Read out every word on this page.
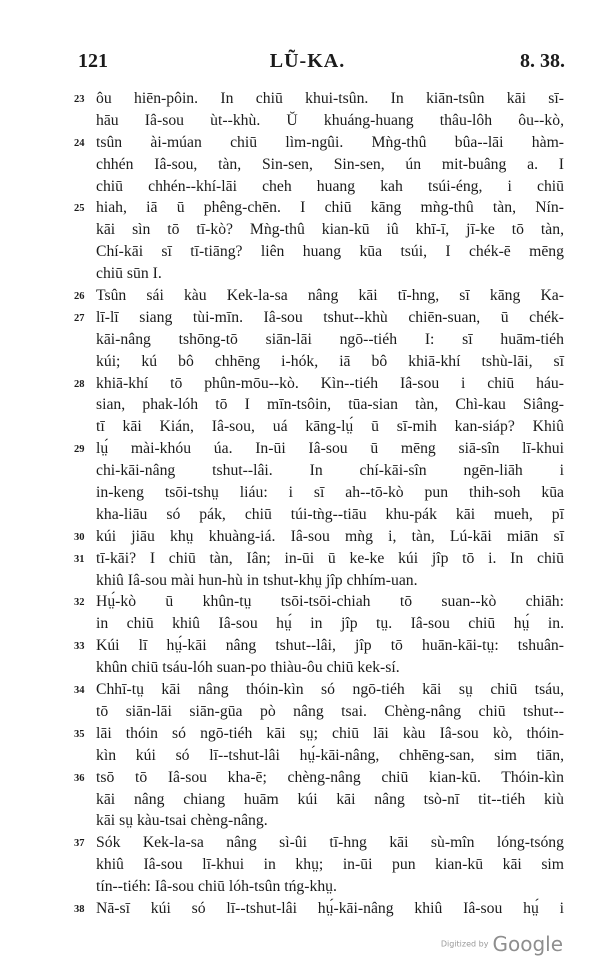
121	LŨ-KA.	8. 38.
23 ôu hiēn-pôin. In chiū khui-tsûn. In kiān-tsûn kāi sī-
hāu Iâ-sou ùt--khù. Ŭ khuáng-huang thâu-lôh ôu--kò,
24 tsûn ài-múan chiū lìm-ngûi. Mǹg-thû bûa--lāi hàm-
chhén Iâ-sou, tàn, Sin-sen, Sin-sen, ún mit-buâng a. I
chiū chhén--khí-lāi cheh huang kah tsúi-éng, i chiū
25 hiah, iā ū phêng-chēn. I chiū kāng mǹg-thû tàn, Nín-
kāi sìn tō tī-kò? Mǹg-thû kian-kū iû khī-ī, jī-ke tō tàn,
Chí-kāi sī tī-tiāng? liên huang kūa tsúi, I chék-ē mēng
chiū sūn I.
26 Tsûn sái kàu Kek-la-sa nâng kāi tī-hng, sī kāng Ka-
27 lī-lī siang tùi-mīn. Iâ-sou tshut--khù chiēn-suan, ū chék-
kāi-nâng tshōng-tō siān-lāi ngō--tiéh I: sī huām-tiéh
kúi; kú bô chhēng i-hók, iā bô khiā-khí tshù-lāi, sī
28 khiā-khí tō phûn-mōu--kò. Kìn--tiéh Iâ-sou i chiū háu-
sian, phak-lóh tō I mīn-tsôin, tūa-sian tàn, Chì-kau Siâng-
tī kāi Kián, Iâ-sou, uá kāng-lṳ́ ū sī-mih kan-siáp? Khiû
29 lṳ́ mài-khóu úa. In-ūi Iâ-sou ū mēng siā-sîn lī-khui
chi-kāi-nâng tshut--lâi. In chí-kāi-sîn ngēn-liāh i
in-keng tsōi-tshṳ liáu: i sī ah--tō-kò pun thih-soh kūa
kha-liāu só pák, chiū túi-tǹg--tiāu khu-pák kāi mueh, pī
30 kúi jiāu khṳ khuàng-iá. Iâ-sou mǹg i, tàn, Lú-kāi miān sī
31 tī-kāi? I chiū tàn, Iân; in-ūi ū ke-ke kúi jîp tō i. In chiū
khiû Iâ-sou mài hun-hù in tshut-khṳ jîp chhím-uan.
32 Hṳ́-kò ū khûn-tṳ tsōi-tsōi-chiah tō suan--kò chiāh:
in chiū khiû Iâ-sou hṳ́ in jîp tṳ. Iâ-sou chiū hṳ́ in.
33 Kúi lī hṳ́-kāi nâng tshut--lâi, jîp tō huān-kāi-tṳ: tshuân-
khûn chiū tsáu-lóh suan-po thiàu-ôu chiū kek-sí.
34 Chhī-tṳ kāi nâng thóin-kìn só ngō-tiéh kāi sṳ chiū tsáu,
tō siān-lāi siān-gūa pò nâng tsai. Chèng-nâng chiū tshut--
35 lāi thóin só ngō-tiéh kāi sṳ; chiū lāi kàu Iâ-sou kò, thóin-
kìn kúi só lī--tshut-lâi hṳ́-kāi-nâng, chhēng-san, sim tiān,
36 tsō tō Iâ-sou kha-ē; chèng-nâng chiū kian-kū. Thóin-kìn
kāi nâng chiang huām kúi kāi nâng tsò-nī tit--tiéh kiù
kāi sṳ kàu-tsai chèng-nâng.
37 Sók Kek-la-sa nâng sì-ûi tī-hng kāi sù-mîn lóng-tsóng
khiû Iâ-sou lī-khui in khṳ; in-ūi pun kian-kū kāi sim
tín--tiéh: Iâ-sou chiū lóh-tsûn tńg-khṳ.
38 Nā-sī kúi só lī--tshut-lâi hṳ́-kāi-nâng khiû Iâ-sou hṳ́ i
Digitized by Google
